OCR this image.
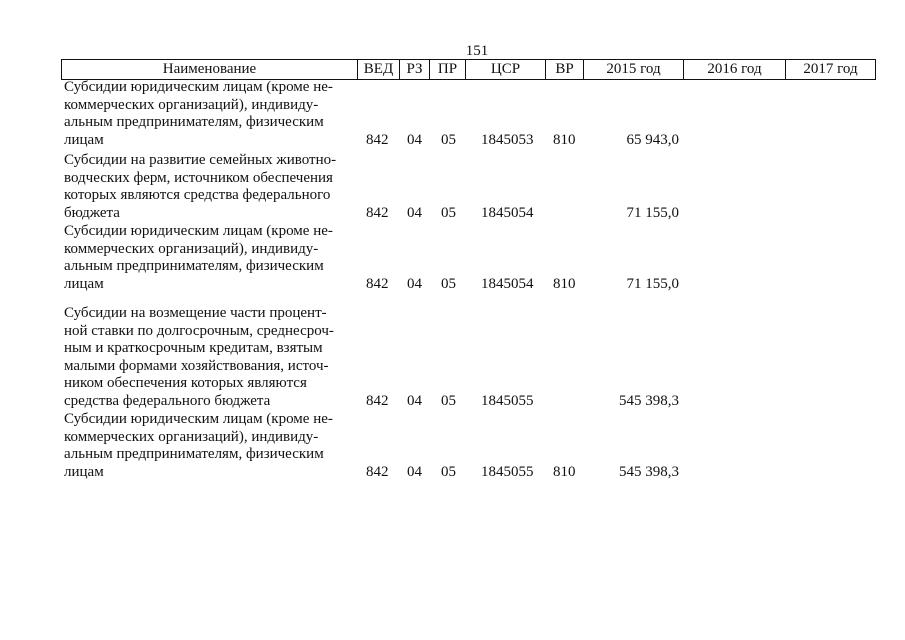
151
Наименование	ВЕД РЗ	ПР	ЦСР	ВР	2015 год	2016 год	2017 год
Субсидии юридическим лицам (кроме не-
коммерческих организаций), индивиду-
альным предпринимателям, физическим
лицам	842 04 05 1845053 810	65 943,0
Субсидии на развитие семейных животно-
водческих ферм, источником обеспечения
которых являются средства федерального
бюджета	842 04 05 1845054	71 155,0
Субсидии юридическим лицам (кроме не-
коммерческих организаций), индивиду-
альным предпринимателям, физическим
лицам	842 04 05 1845054 810	71 155,0
Субсидии на возмещение части процент-
ной ставки по долгосрочным, среднесроч-
ным и краткосрочным кредитам, взятым
малыми формами хозяйствования, источ-
ником обеспечения которых являются
средства федерального бюджета	842 04 05 1845055	545 398,3
Субсидии юридическим лицам (кроме не-
коммерческих организаций), индивиду-
альным предпринимателям, физическим
лицам	842 04 05 1845055 810	545 398,3
